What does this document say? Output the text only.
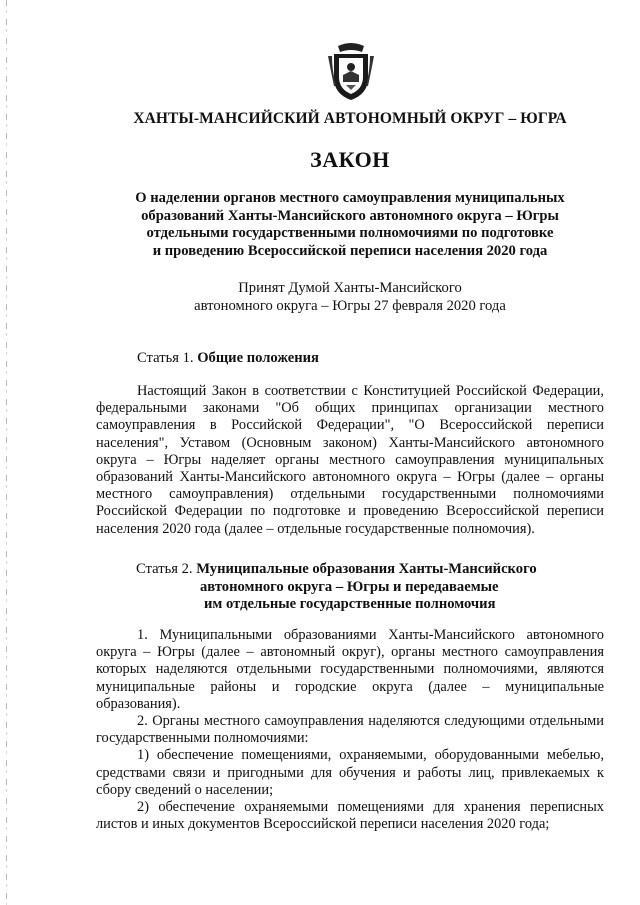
ХАНТЫ-МАНСИЙСКИЙ АВТОНОМНЫЙ ОКРУГ – ЮГРА
ЗАКОН
О наделении органов местного самоуправления муниципальных
образований Ханты-Мансийского автономного округа – Югры
отдельными государственными полномочиями по подготовке
и проведению Всероссийской переписи населения 2020 года
Принят Думой Ханты-Мансийского
автономного округа – Югры 27 февраля 2020 года
Статья 1. Общие положения
Настоящий Закон в соответствии с Конституцией Российской Федерации, федеральными законами "Об общих принципах организации местного самоуправления в Российской Федерации", "О Всероссийской переписи населения", Уставом (Основным законом) Ханты-Мансийского автономного округа – Югры наделяет органы местного самоуправления муниципальных образований Ханты-Мансийского автономного округа – Югры (далее – органы местного самоуправления) отдельными государственными полномочиями Российской Федерации по подготовке и проведению Всероссийской переписи населения 2020 года (далее – отдельные государственные полномочия).
Статья 2. Муниципальные образования Ханты-Мансийского
автономного округа – Югры и передаваемые
им отдельные государственные полномочия

1. Муниципальными образованиями Ханты-Мансийского автономного округа – Югры (далее – автономный округ), органы местного самоуправления которых наделяются отдельными государственными полномочиями, являются муниципальные районы и городские округа (далее – муниципальные образования).

2. Органы местного самоуправления наделяются следующими отдельными государственными полномочиями:

1) обеспечение помещениями, охраняемыми, оборудованными мебелью, средствами связи и пригодными для обучения и работы лиц, привлекаемых к сбору сведений о населении;

2) обеспечение охраняемыми помещениями для хранения переписных листов и иных документов Всероссийской переписи населения 2020 года;
